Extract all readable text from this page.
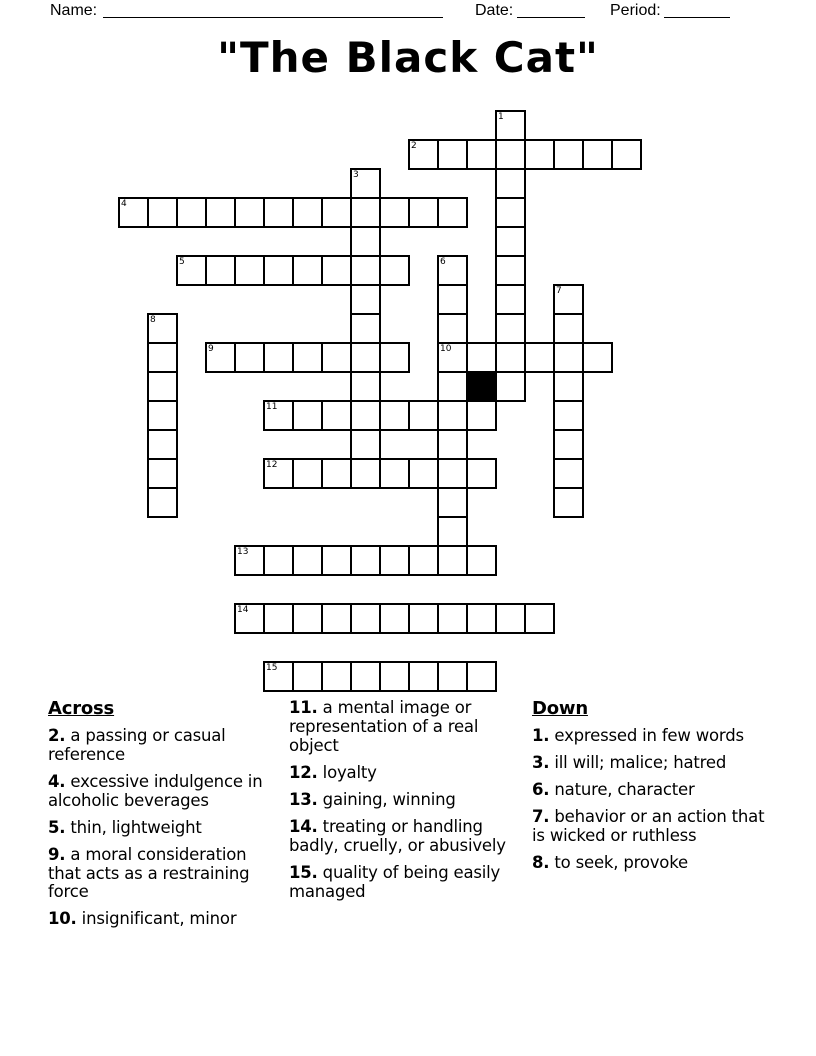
Name:	Date:	Period:
"The Black Cat"
1
2
3
4
5	6
10
7
8
9
11
12
13
14
15
Across
2. a passing or casual reference
4. excessive indulgence in alcoholic beverages
5. thin, lightweight
9. a moral consideration that acts as a restraining force
10. insignificant, minor
11. a mental image or representation of a real object
12. loyalty
13. gaining, winning
14. treating or handling badly, cruelly, or abusively
15. quality of being easily managed
Down
1. expressed in few words
3. ill will; malice; hatred
6. nature, character
7. behavior or an action that is wicked or ruthless
8. to seek, provoke
